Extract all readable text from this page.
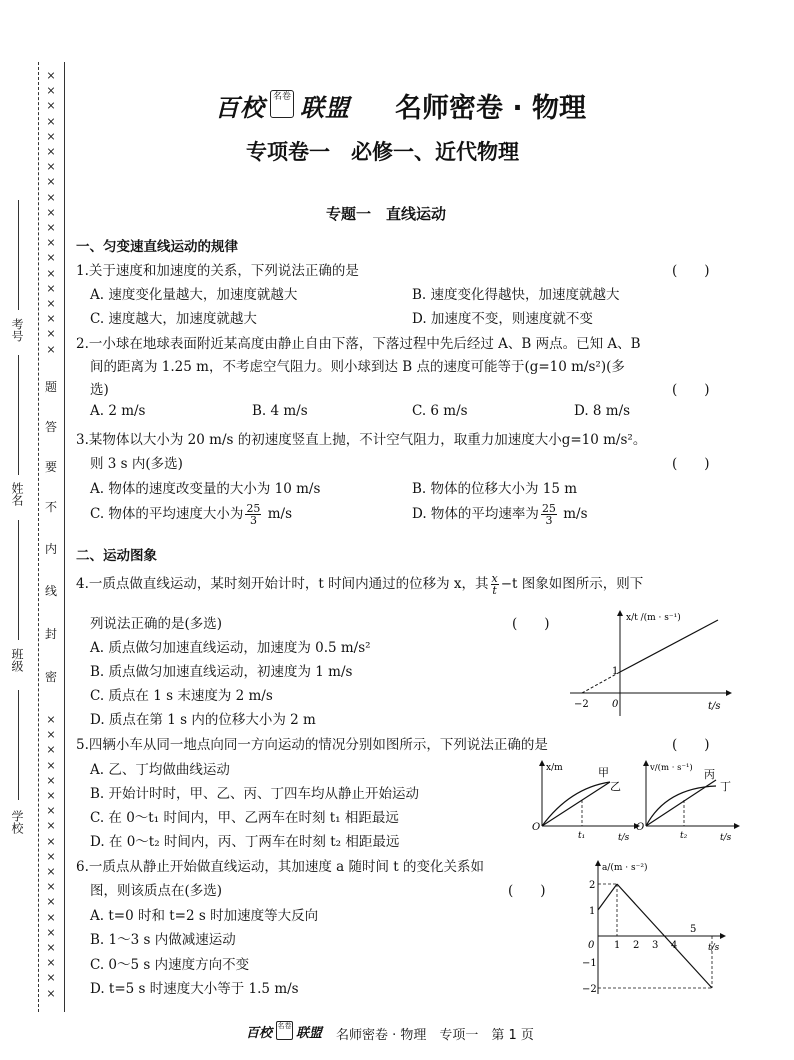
×
×
×
×
×
×
×
×
×
×
×
×
×
×
×
×
×
×
×
题
答
要
不
内
线
封
密
×
×
×
×
×
×
×
×
×
×
×
×
×
×
×
×
×
×
×
考号
姓名
班级
学校
百校 名卷 联盟 名师密卷 · 物理
专项卷一　必修一、近代物理
专题一　直线运动
一、匀变速直线运动的规律
1.关于速度和加速度的关系，下列说法正确的是	(　　)
A. 速度变化量越大，加速度就越大	B. 速度变化得越快，加速度就越大
C. 速度越大，加速度就越大	D. 加速度不变，则速度就不变
2.一小球在地球表面附近某高度由静止自由下落，下落过程中先后经过 A、B 两点。已知 A、B
间的距离为 1.25 m，不考虑空气阻力。则小球到达 B 点的速度可能等于(g=10 m/s²)(多
选)	(　　)
A. 2 m/s	B. 4 m/s	C. 6 m/s	D. 8 m/s
3.某物体以大小为 20 m/s 的初速度竖直上抛，不计空气阻力，取重力加速度大小g=10 m/s²。
则 3 s 内(多选)	(　　)
A. 物体的速度改变量的大小为 10 m/s	B. 物体的位移大小为 15 m
C. 物体的平均速度大小为 $\frac{25}{3} m/s$	D. 物体的平均速率为 $\frac{25}{3} m/s$
二、运动图象
4.一质点做直线运动，某时刻开始计时，t 时间内通过的位移为 x，其 $\frac{x}{t} -t$ 图象如图所示，则下
列说法正确的是(多选)	(　　)
A. 质点做匀加速直线运动，加速度为 0.5 m/s²
B. 质点做匀加速直线运动，初速度为 1 m/s
C. 质点在 1 s 末速度为 2 m/s
D. 质点在第 1 s 内的位移大小为 2 m
x/t /(m · s⁻¹)
1
−2 0	t/s
5.四辆小车从同一地点向同一方向运动的情况分别如图所示，下列说法正确的是	(　　)
A. 乙、丁均做曲线运动
B. 开始计时时，甲、乙、丙、丁四车均从静止开始运动
C. 在 0～t₁ 时间内，甲、乙两车在时刻 t₁ 相距最远
D. 在 0～t₂ 时间内，丙、丁两车在时刻 t₂ 相距最远
x/m	甲
乙
O
t₁	t/s
v/(m · s⁻¹) 丙
丁
O
t₂	t/s
6.一质点从静止开始做直线运动，其加速度 a 随时间 t 的变化关系如
图，则该质点在(多选)	(　　)
A. t=0 时和 t=2 s 时加速度等大反向
B. 1～3 s 内做减速运动
C. 0～5 s 内速度方向不变
D. t=5 s 时速度大小等于 1.5 m/s
a/(m · s⁻²)
t/s
0
2
1
−1
−2
1 2 3 4
5
百校 名卷 联盟 名师密卷 · 物理　专项一　第 1 页
